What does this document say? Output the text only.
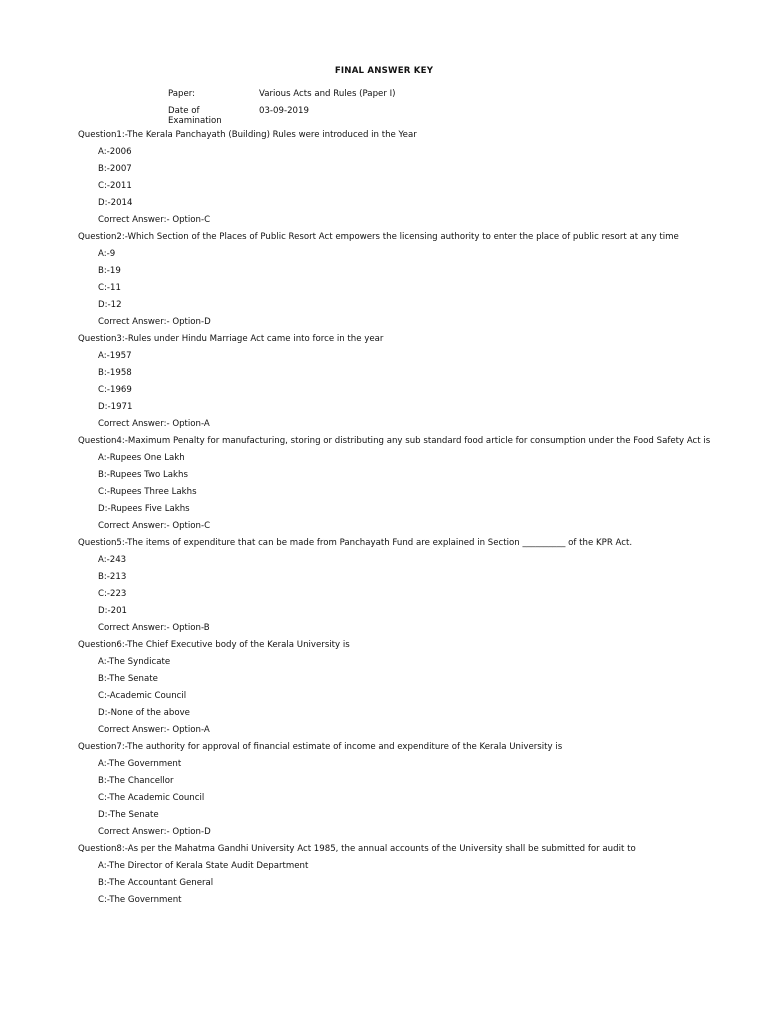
FINAL ANSWER KEY
Paper:	Various Acts and Rules (Paper I)
Date of
Examination
03-09-2019
Question1:-The Kerala Panchayath (Building) Rules were introduced in the Year
A:-2006
B:-2007
C:-2011
D:-2014
Correct Answer:- Option-C
Question2:-Which Section of the Places of Public Resort Act empowers the licensing authority to enter the place of public resort at any time
A:-9
B:-19
C:-11
D:-12
Correct Answer:- Option-D
Question3:-Rules under Hindu Marriage Act came into force in the year
A:-1957
B:-1958
C:-1969
D:-1971
Correct Answer:- Option-A
Question4:-Maximum Penalty for manufacturing, storing or distributing any sub standard food article for consumption under the Food Safety Act is
A:-Rupees One Lakh
B:-Rupees Two Lakhs
C:-Rupees Three Lakhs
D:-Rupees Five Lakhs
Correct Answer:- Option-C
Question5:-The items of expenditure that can be made from Panchayath Fund are explained in Section __________ of the KPR Act.
A:-243
B:-213
C:-223
D:-201
Correct Answer:- Option-B
Question6:-The Chief Executive body of the Kerala University is
A:-The Syndicate
B:-The Senate
C:-Academic Council
D:-None of the above
Correct Answer:- Option-A
Question7:-The authority for approval of financial estimate of income and expenditure of the Kerala University is
A:-The Government
B:-The Chancellor
C:-The Academic Council
D:-The Senate
Correct Answer:- Option-D
Question8:-As per the Mahatma Gandhi University Act 1985, the annual accounts of the University shall be submitted for audit to
A:-The Director of Kerala State Audit Department
B:-The Accountant General
C:-The Government
